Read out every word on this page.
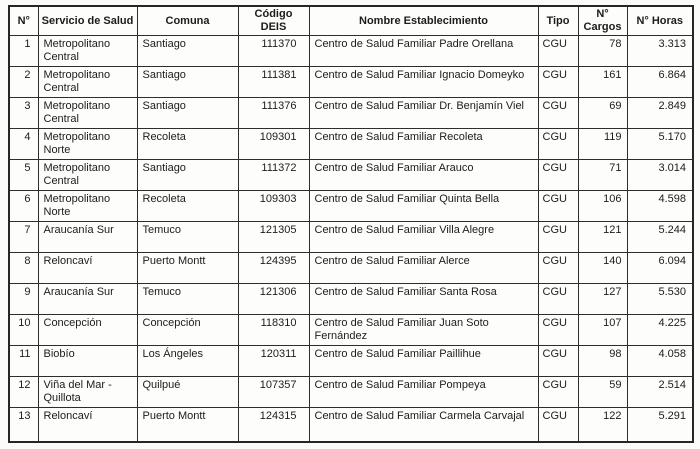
N°	Servicio de Salud	Comuna	Código DEIS	Nombre Establecimiento	Tipo	N° Cargos	N° Horas
1	Metropolitano Central	Santiago	111370	Centro de Salud Familiar Padre Orellana	CGU	78	3.313
2	Metropolitano Central	Santiago	111381	Centro de Salud Familiar Ignacio Domeyko	CGU	161	6.864
3	Metropolitano Central	Santiago	111376	Centro de Salud Familiar Dr. Benjamín Viel	CGU	69	2.849
4	Metropolitano Norte	Recoleta	109301	Centro de Salud Familiar Recoleta	CGU	119	5.170
5	Metropolitano Central	Santiago	111372	Centro de Salud Familiar Arauco	CGU	71	3.014
6	Metropolitano Norte	Recoleta	109303	Centro de Salud Familiar Quinta Bella	CGU	106	4.598
7	Araucanía Sur	Temuco	121305	Centro de Salud Familiar Villa Alegre	CGU	121	5.244
8	Reloncaví	Puerto Montt	124395	Centro de Salud Familiar Alerce	CGU	140	6.094
9	Araucanía Sur	Temuco	121306	Centro de Salud Familiar Santa Rosa	CGU	127	5.530
10	Concepción	Concepción	118310	Centro de Salud Familiar Juan Soto Fernández	CGU	107	4.225
11	Biobío	Los Ángeles	120311	Centro de Salud Familiar Paillihue	CGU	98	4.058
12	Viña del Mar - Quillota	Quilpué	107357	Centro de Salud Familiar Pompeya	CGU	59	2.514
13	Reloncaví	Puerto Montt	124315	Centro de Salud Familiar Carmela Carvajal	CGU	122	5.291
